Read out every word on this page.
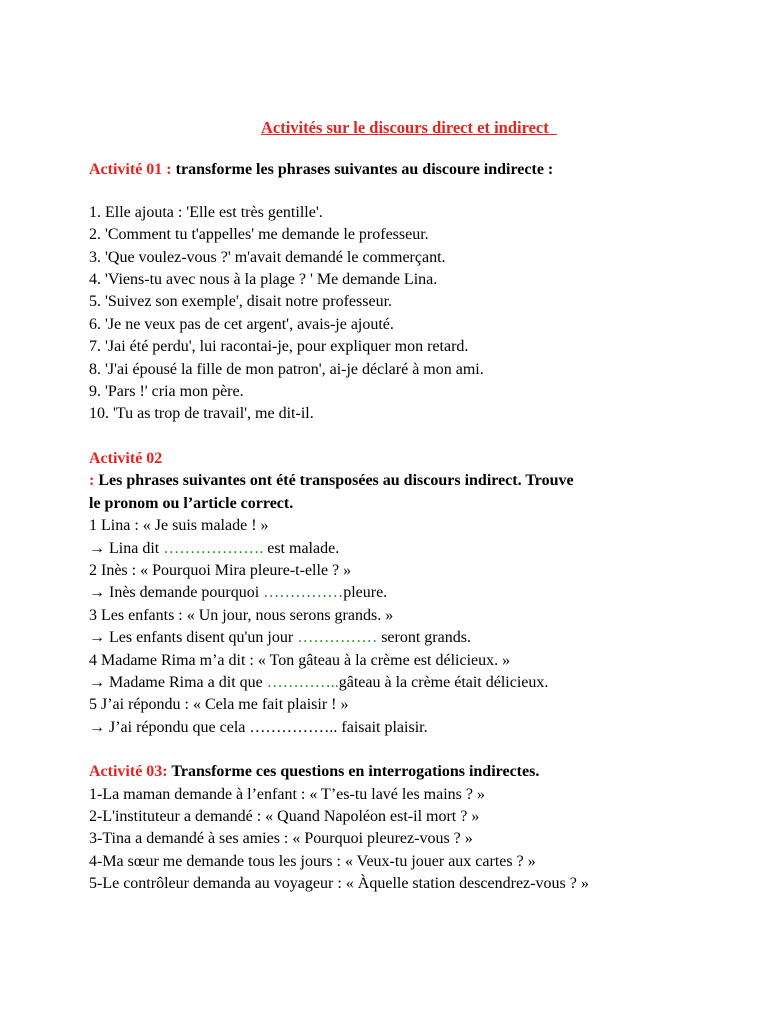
Activités sur le discours direct et indirect
Activité 01 : transforme les phrases suivantes au discoure indirecte :
1. Elle ajouta : 'Elle est très gentille'.
2. 'Comment tu t'appelles' me demande le professeur.
3. 'Que voulez-vous ?' m'avait demandé le commerçant.
4. 'Viens-tu avec nous à la plage ? ' Me demande Lina.
5. 'Suivez son exemple', disait notre professeur.
6. 'Je ne veux pas de cet argent', avais-je ajouté.
7. 'Jai été perdu', lui racontai-je, pour expliquer mon retard.
8. 'J'ai épousé la fille de mon patron', ai-je déclaré à mon ami.
9. 'Pars !' cria mon père.
10. 'Tu as trop de travail', me dit-il.
Activité 02
: Les phrases suivantes ont été transposées au discours indirect. Trouve
le pronom ou l’article correct.
1 Lina : « Je suis malade ! »
→ Lina dit ………………. est malade.
2 Inès : « Pourquoi Mira pleure-t-elle ? »
→ Inès demande pourquoi ……………pleure.
3 Les enfants : « Un jour, nous serons grands. »
→ Les enfants disent qu'un jour …………… seront grands.
4 Madame Rima m’a dit : « Ton gâteau à la crème est délicieux. »
→ Madame Rima a dit que …………..gâteau à la crème était délicieux.
5 J’ai répondu : « Cela me fait plaisir ! »
→ J’ai répondu que cela …………….. faisait plaisir.
Activité 03: Transforme ces questions en interrogations indirectes.
1-La maman demande à l’enfant : « T’es-tu lavé les mains ? »
2-L'instituteur a demandé : « Quand Napoléon est-il mort ? »
3-Tina a demandé à ses amies : « Pourquoi pleurez-vous ? »
4-Ma sœur me demande tous les jours : « Veux-tu jouer aux cartes ? »
5-Le contrôleur demanda au voyageur : « Àquelle station descendrez-vous ? »
